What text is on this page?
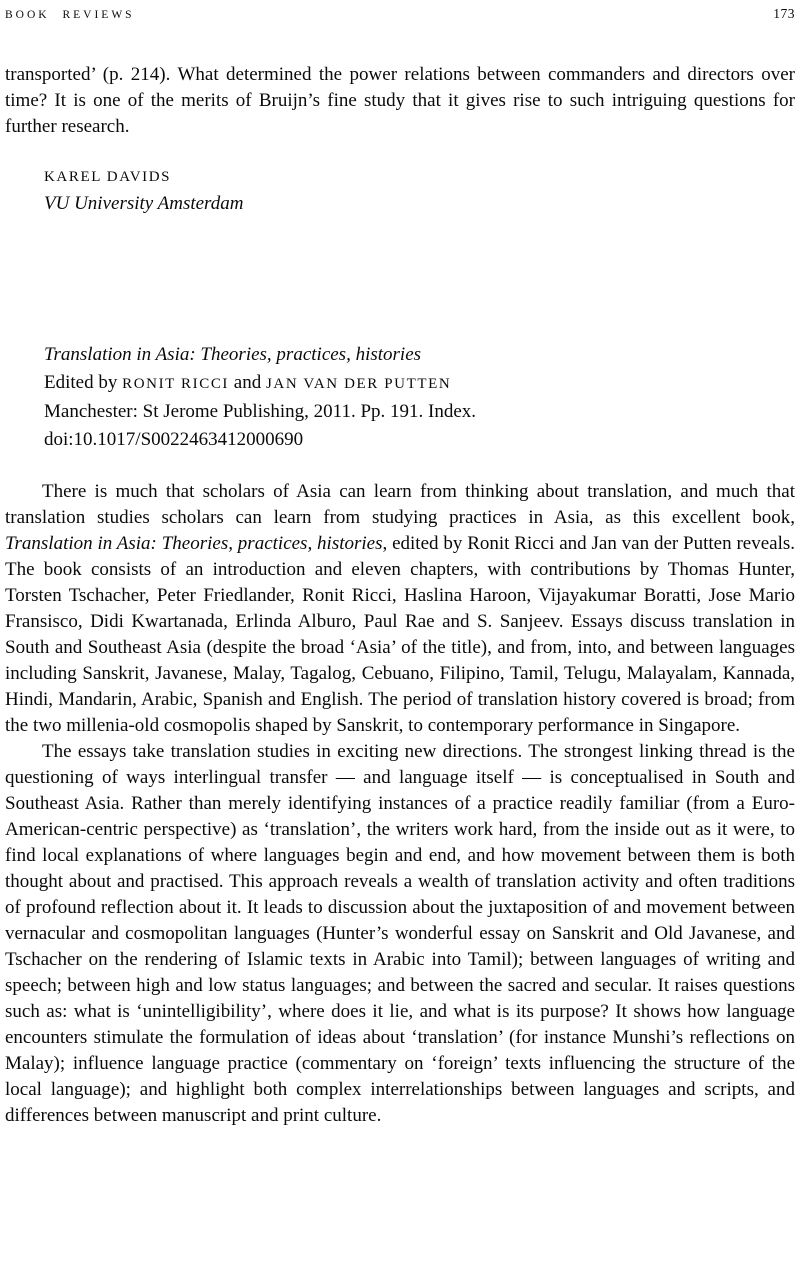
BOOK REVIEWS	173

transported’ (p. 214). What determined the power relations between commanders and directors over time? It is one of the merits of Bruijn’s fine study that it gives rise to such intriguing questions for further research.

KAREL DAVIDS
VU University Amsterdam
Translation in Asia: Theories, practices, histories
Edited by RONIT RICCI and JAN VAN DER PUTTEN
Manchester: St Jerome Publishing, 2011. Pp. 191. Index.
doi:10.1017/S0022463412000690

There is much that scholars of Asia can learn from thinking about translation, and much that translation studies scholars can learn from studying practices in Asia, as this excellent book, Translation in Asia: Theories, practices, histories, edited by Ronit Ricci and Jan van der Putten reveals. The book consists of an introduction and eleven chapters, with contributions by Thomas Hunter, Torsten Tschacher, Peter Friedlander, Ronit Ricci, Haslina Haroon, Vijayakumar Boratti, Jose Mario Fransisco, Didi Kwartanada, Erlinda Alburo, Paul Rae and S. Sanjeev. Essays discuss translation in South and Southeast Asia (despite the broad ‘Asia’ of the title), and from, into, and between languages including Sanskrit, Javanese, Malay, Tagalog, Cebuano, Filipino, Tamil, Telugu, Malayalam, Kannada, Hindi, Mandarin, Arabic, Spanish and English. The period of translation history covered is broad; from the two millenia-old cosmopolis shaped by Sanskrit, to contemporary performance in Singapore.

The essays take translation studies in exciting new directions. The strongest linking thread is the questioning of ways interlingual transfer — and language itself — is conceptualised in South and Southeast Asia. Rather than merely identifying instances of a practice readily familiar (from a Euro-American-centric perspective) as ‘translation’, the writers work hard, from the inside out as it were, to find local explanations of where languages begin and end, and how movement between them is both thought about and practised. This approach reveals a wealth of translation activity and often traditions of profound reflection about it. It leads to discussion about the juxtaposition of and movement between vernacular and cosmopolitan languages (Hunter’s wonderful essay on Sanskrit and Old Javanese, and Tschacher on the rendering of Islamic texts in Arabic into Tamil); between languages of writing and speech; between high and low status languages; and between the sacred and secular. It raises questions such as: what is ‘unintelligibility’, where does it lie, and what is its purpose? It shows how language encounters stimulate the formulation of ideas about ‘translation’ (for instance Munshi’s reflections on Malay); influence language practice (commentary on ‘foreign’ texts influencing the structure of the local language); and highlight both complex interrelationships between languages and scripts, and differences between manuscript and print culture.
